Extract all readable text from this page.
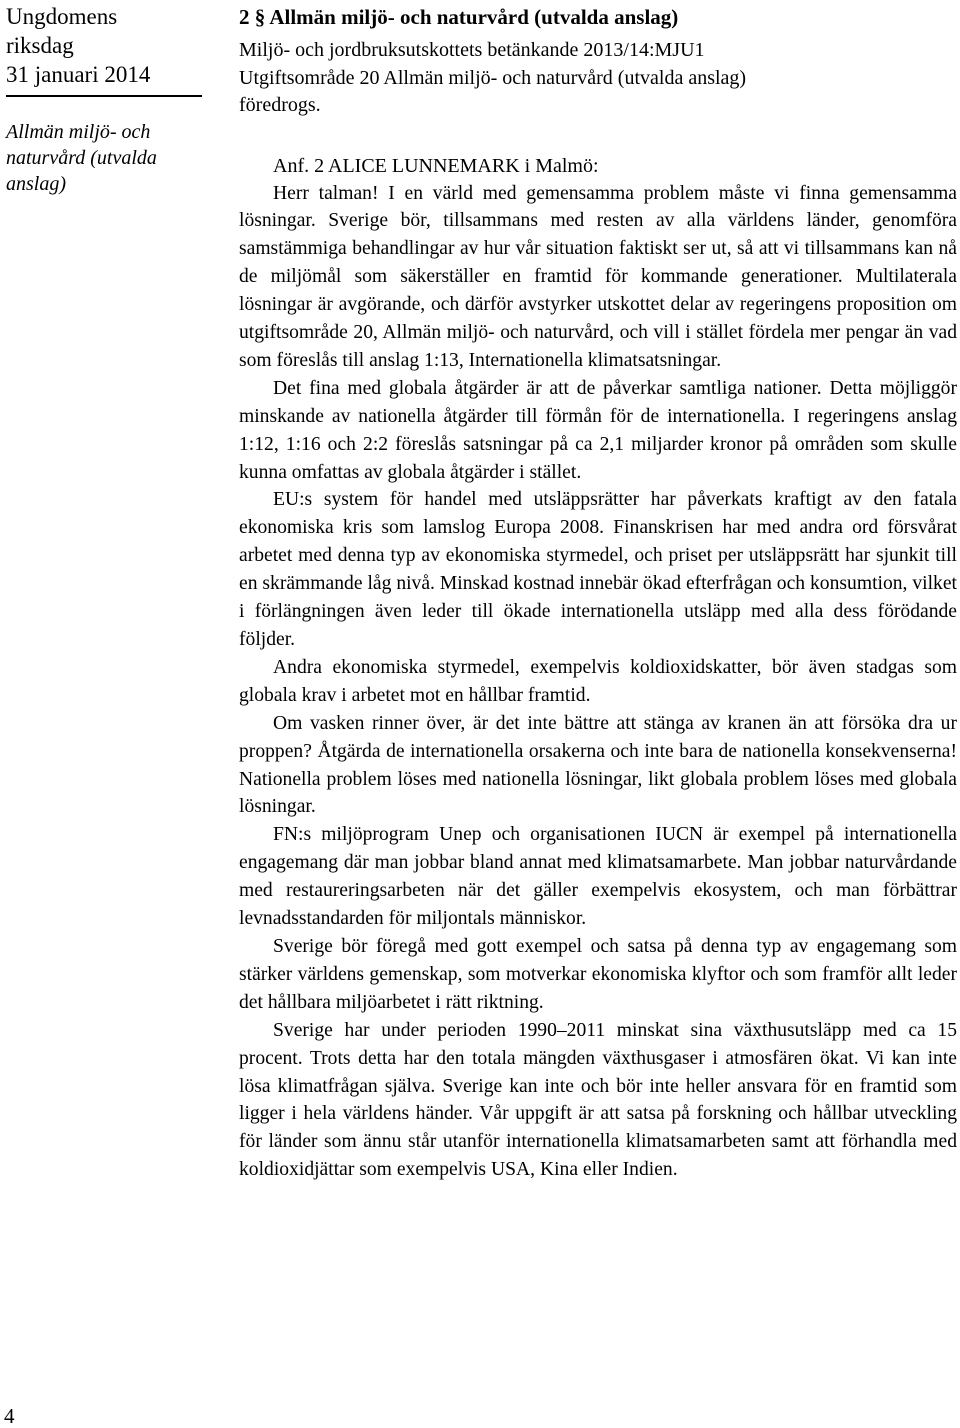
Ungdomens
riksdag
31 januari 2014
Allmän miljö- och
naturvård (utvalda
anslag)
4
2 § Allmän miljö- och naturvård (utvalda anslag)
Miljö- och jordbruksutskottets betänkande 2013/14:MJU1
Utgiftsområde 20 Allmän miljö- och naturvård (utvalda anslag)
föredrogs.
Anf. 2 ALICE LUNNEMARK i Malmö:

Herr talman! I en värld med gemensamma problem måste vi finna gemensamma lösningar. Sverige bör, tillsammans med resten av alla världens länder, genomföra samstämmiga behandlingar av hur vår situation faktiskt ser ut, så att vi tillsammans kan nå de miljömål som säkerställer en framtid för kommande generationer. Multilaterala lösningar är avgörande, och därför avstyrker utskottet delar av regeringens proposition om utgiftsområde 20, Allmän miljö- och naturvård, och vill i stället fördela mer pengar än vad som föreslås till anslag 1:13, Internationella klimatsatsningar.

Det fina med globala åtgärder är att de påverkar samtliga nationer. Detta möjliggör minskande av nationella åtgärder till förmån för de internationella. I regeringens anslag 1:12, 1:16 och 2:2 föreslås satsningar på ca 2,1 miljarder kronor på områden som skulle kunna omfattas av globala åtgärder i stället.

EU:s system för handel med utsläppsrätter har påverkats kraftigt av den fatala ekonomiska kris som lamslog Europa 2008. Finanskrisen har med andra ord försvårat arbetet med denna typ av ekonomiska styrmedel, och priset per utsläppsrätt har sjunkit till en skrämmande låg nivå. Minskad kostnad innebär ökad efterfrågan och konsumtion, vilket i förlängningen även leder till ökade internationella utsläpp med alla dess förödande följder.

Andra ekonomiska styrmedel, exempelvis koldioxidskatter, bör även stadgas som globala krav i arbetet mot en hållbar framtid.

Om vasken rinner över, är det inte bättre att stänga av kranen än att försöka dra ur proppen? Åtgärda de internationella orsakerna och inte bara de nationella konsekvenserna! Nationella problem löses med nationella lösningar, likt globala problem löses med globala lösningar.

FN:s miljöprogram Unep och organisationen IUCN är exempel på internationella engagemang där man jobbar bland annat med klimatsamarbete. Man jobbar naturvårdande med restaureringsarbeten när det gäller exempelvis ekosystem, och man förbättrar levnadsstandarden för miljontals människor.

Sverige bör föregå med gott exempel och satsa på denna typ av engagemang som stärker världens gemenskap, som motverkar ekonomiska klyftor och som framför allt leder det hållbara miljöarbetet i rätt riktning.

Sverige har under perioden 1990–2011 minskat sina växthusutsläpp med ca 15 procent. Trots detta har den totala mängden växthusgaser i atmosfären ökat. Vi kan inte lösa klimatfrågan själva. Sverige kan inte och bör inte heller ansvara för en framtid som ligger i hela världens händer. Vår uppgift är att satsa på forskning och hållbar utveckling för länder som ännu står utanför internationella klimatsamarbeten samt att förhandla med koldioxidjättar som exempelvis USA, Kina eller Indien.
